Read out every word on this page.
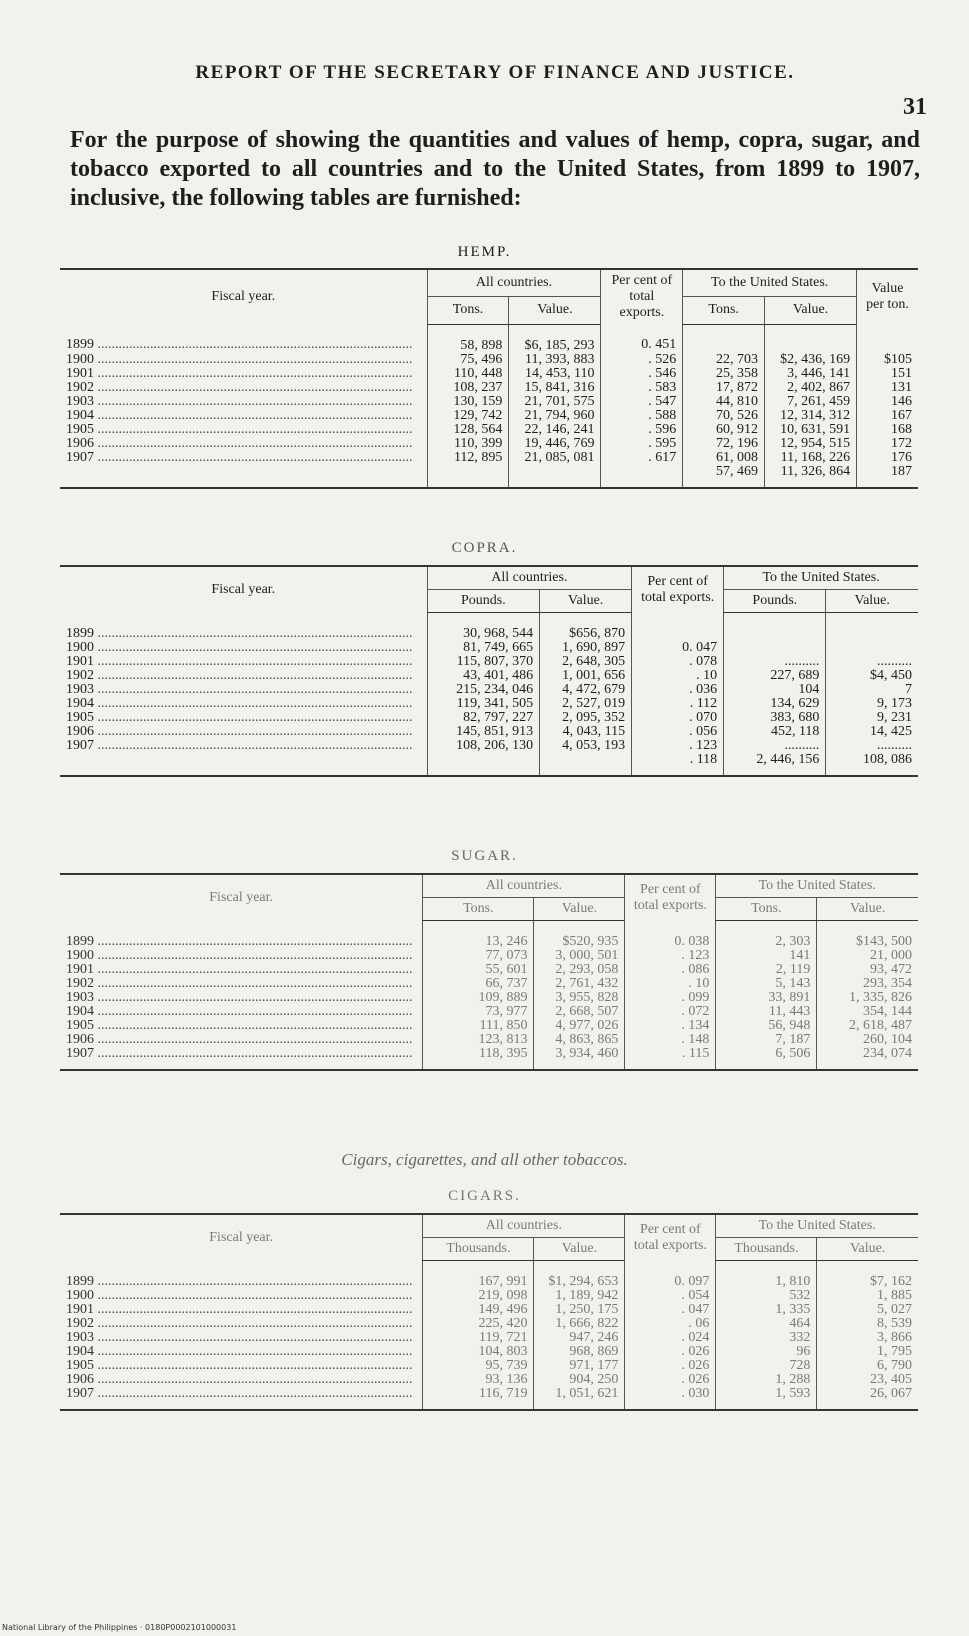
REPORT OF THE SECRETARY OF FINANCE AND JUSTICE.
31

For the purpose of showing the quantities and values of hemp, copra, sugar, and tobacco exported to all countries and to the United States, from 1899 to 1907, inclusive, the following tables are furnished:

HEMP.
Fiscal year.	All countries.		Per cent of total exports.	To the United States.		Value per ton.
	Tons.	Value.		Tons.	Value.	
1899 .....	58, 898	$6, 185, 293	0. 451			
1900 .....	75, 496	11, 393, 883	. 526	22, 703	$2, 436, 169	$105
1901 .....	110, 448	14, 453, 110	. 546	25, 358	3, 446, 141	151
1902 .....	108, 237	15, 841, 316	. 583	17, 872	2, 402, 867	131
1903 .....	130, 159	21, 701, 575	. 547	44, 810	7, 261, 459	146
1904 .....	129, 742	21, 794, 960	. 588	70, 526	12, 314, 312	167
1905 .....	128, 564	22, 146, 241	. 596	60, 912	10, 631, 591	168
1906 .....	110, 399	19, 446, 769	. 595	72, 196	12, 954, 515	172
1907 .....	112, 895	21, 085, 081	. 617	61, 008	11, 168, 226	176
				57, 469	11, 326, 864	187
COPRA.
Fiscal year.	All countries.		Per cent of total exports.	To the United States.	
	Pounds.	Value.		Pounds.	Value.
1899 .....	30, 968, 544	$656, 870			
1900 .....	81, 749, 665	1, 690, 897	0. 047		
1901 .....	115, 807, 370	2, 648, 305	. 078	..........	..........
1902 .....	43, 401, 486	1, 001, 656	. 10	227, 689	$4, 450
1903 .....	215, 234, 046	4, 472, 679	. 036	104	7
1904 .....	119, 341, 505	2, 527, 019	. 112	134, 629	9, 173
1905 .....	82, 797, 227	2, 095, 352	. 070	383, 680	9, 231
1906 .....	145, 851, 913	4, 043, 115	. 056	452, 118	14, 425
1907 .....	108, 206, 130	4, 053, 193	. 123	..........	..........
			. 118	2, 446, 156	108, 086
SUGAR.
Fiscal year.	All countries.		Per cent of total exports.	To the United States.	
	Tons.	Value.		Tons.	Value.
1899 .....	13, 246	$520, 935	0. 038	2, 303	$143, 500
1900 .....	77, 073	3, 000, 501	. 123	141	21, 000
1901 .....	55, 601	2, 293, 058	. 086	2, 119	93, 472
1902 .....	66, 737	2, 761, 432	. 10	5, 143	293, 354
1903 .....	109, 889	3, 955, 828	. 099	33, 891	1, 335, 826
1904 .....	73, 977	2, 668, 507	. 072	11, 443	354, 144
1905 .....	111, 850	4, 977, 026	. 134	56, 948	2, 618, 487
1906 .....	123, 813	4, 863, 865	. 148	7, 187	260, 104
1907 .....	118, 395	3, 934, 460	. 115	6, 506	234, 074
Cigars, cigarettes, and all other tobaccos.
CIGARS.
Fiscal year.	All countries.		Per cent of total exports.	To the United States.	
	Thousands.	Value.		Thousands.	Value.
1899 .....	167, 991	$1, 294, 653	0. 097	1, 810	$7, 162
1900 .....	219, 098	1, 189, 942	. 054	532	1, 885
1901 .....	149, 496	1, 250, 175	. 047	1, 335	5, 027
1902 .....	225, 420	1, 666, 822	. 06	464	8, 539
1903 .....	119, 721	947, 246	. 024	332	3, 866
1904 .....	104, 803	968, 869	. 026	96	1, 795
1905 .....	95, 739	971, 177	. 026	728	6, 790
1906 .....	93, 136	904, 250	. 026	1, 288	23, 405
1907 .....	116, 719	1, 051, 621	. 030	1, 593	26, 067
National Library of the Philippines · 0180P0002101000031
